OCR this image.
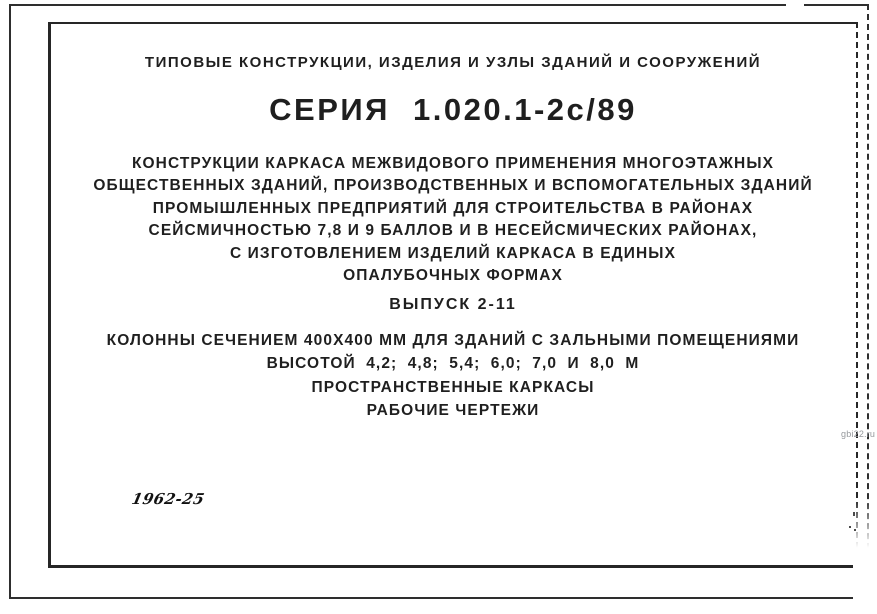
ТИПОВЫЕ КОНСТРУКЦИИ, ИЗДЕЛИЯ И УЗЛЫ ЗДАНИЙ И СООРУЖЕНИЙ
СЕРИЯ 1.020.1-2с/89
КОНСТРУКЦИИ КАРКАСА МЕЖВИДОВОГО ПРИМЕНЕНИЯ МНОГОЭТАЖНЫХ
ОБЩЕСТВЕННЫХ ЗДАНИЙ, ПРОИЗВОДСТВЕННЫХ И ВСПОМОГАТЕЛЬНЫХ ЗДАНИЙ
ПРОМЫШЛЕННЫХ ПРЕДПРИЯТИЙ ДЛЯ СТРОИТЕЛЬСТВА В РАЙОНАХ
СЕЙСМИЧНОСТЬЮ 7,8 И 9 БАЛЛОВ И В НЕСЕЙСМИЧЕСКИХ РАЙОНАХ,
С ИЗГОТОВЛЕНИЕМ ИЗДЕЛИЙ КАРКАСА В ЕДИНЫХ
ОПАЛУБОЧНЫХ ФОРМАХ
ВЫПУСК 2-11
КОЛОННЫ СЕЧЕНИЕМ 400Х400 ММ ДЛЯ ЗДАНИЙ С ЗАЛЬНЫМИ ПОМЕЩЕНИЯМИ
ВЫСОТОЙ 4,2; 4,8; 5,4; 6,0; 7,0 И 8,0 М
ПРОСТРАНСТВЕННЫЕ КАРКАСЫ
РАБОЧИЕ ЧЕРТЕЖИ
1962-25
gbi22.ru
